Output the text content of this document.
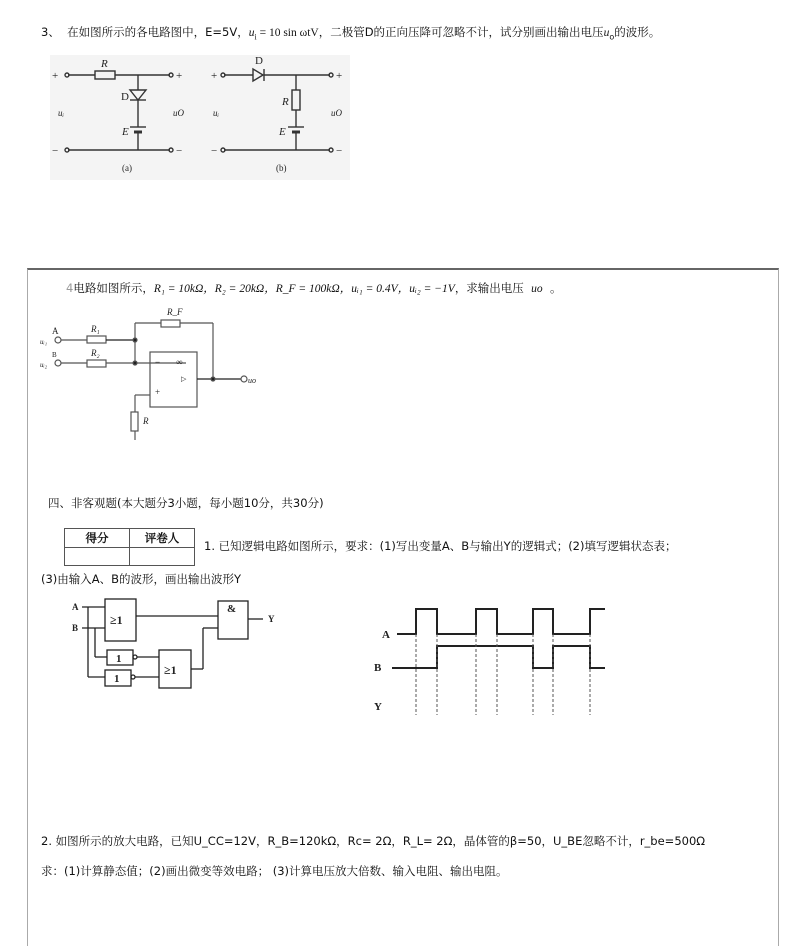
3、 在如图所示的各电路图中，E=5V，$u_i = 10$ sin ωtV，二极管D的正向压降可忽略不计，试分别画出输出电压$u_o$的波形。
+	+
−	−
R
D
E
uᵢ	uO
(a)
+	+
−	−
D
R
E
uᵢ	uO
(b)
4电路如图所示，R₁ = 10kΩ，R₂ = 20kΩ，R_F = 100kΩ，uᵢ₁ = 0.4V，uᵢ₂ = −1V，求输出电压 uo 。
A
B
uᵢ₁
uᵢ₂
R₁
R₂
R_F
R
− ∞
+
▷	uo
四、非客观题(本大题分3小题，每小题10分，共30分)
得分	评卷人

1. 已知逻辑电路如图所示，要求：(1)写出变量A、B与输出Y的逻辑式；(2)填写逻辑状态表；
(3)由输入A、B的波形，画出输出波形Y
A
B
≥1
&
1
1
≥1
Y
A
B
Y
2. 如图所示的放大电路，已知U_CC=12V，R_B=120kΩ，Rc= 2Ω，R_L= 2Ω，晶体管的β=50，U_BE忽略不计，r_be=500Ω
求：(1)计算静态值；(2)画出微变等效电路； (3)计算电压放大倍数、输入电阻、输出电阻。
